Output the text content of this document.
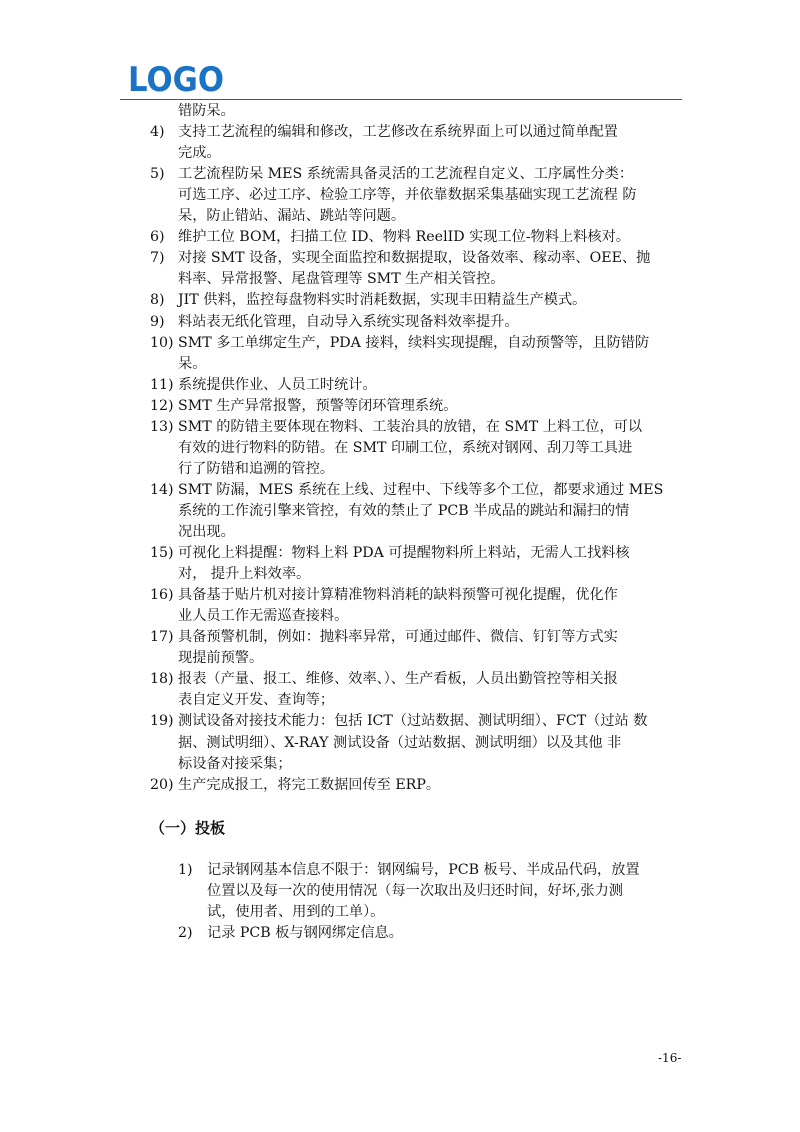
LOGO
错防呆。
4) 支持工艺流程的编辑和修改，工艺修改在系统界面上可以通过简单配置
完成。
5) 工艺流程防呆 MES 系统需具备灵活的工艺流程自定义、工序属性分类：
可选工序、必过工序、检验工序等，并依靠数据采集基础实现工艺流程 防
呆，防止错站、漏站、跳站等问题。
6) 维护工位 BOM，扫描工位 ID、物料 ReelID 实现工位-物料上料核对。
7) 对接 SMT 设备，实现全面监控和数据提取，设备效率、稼动率、OEE、抛
料率、异常报警、尾盘管理等 SMT 生产相关管控。
8) JIT 供料，监控每盘物料实时消耗数据，实现丰田精益生产模式。
9) 料站表无纸化管理，自动导入系统实现备料效率提升。
10) SMT 多工单绑定生产，PDA 接料，续料实现提醒，自动预警等，且防错防
呆。
11) 系统提供作业、人员工时统计。
12) SMT 生产异常报警，预警等闭环管理系统。
13) SMT 的防错主要体现在物料、工装治具的放错，在 SMT 上料工位，可以
有效的进行物料的防错。在 SMT 印刷工位，系统对钢网、刮刀等工具进
行了防错和追溯的管控。
14) SMT 防漏，MES 系统在上线、过程中、下线等多个工位，都要求通过 MES
系统的工作流引擎来管控，有效的禁止了 PCB 半成品的跳站和漏扫的情
况出现。
15) 可视化上料提醒：物料上料 PDA 可提醒物料所上料站，无需人工找料核
对， 提升上料效率。
16) 具备基于贴片机对接计算精准物料消耗的缺料预警可视化提醒，优化作
业人员工作无需巡查接料。
17) 具备预警机制，例如：抛料率异常，可通过邮件、微信、钉钉等方式实
现提前预警。
18) 报表（产量、报工、维修、效率、）、生产看板，人员出勤管控等相关报
表自定义开发、查询等；
19) 测试设备对接技术能力：包括 ICT（过站数据、测试明细）、FCT（过站 数
据、测试明细）、X-RAY 测试设备（过站数据、测试明细）以及其他 非
标设备对接采集；
20) 生产完成报工，将完工数据回传至 ERP。
（一）投板
1) 记录钢网基本信息不限于：钢网编号，PCB 板号、半成品代码，放置
位置以及每一次的使用情况（每一次取出及归还时间，好坏,张力测
试，使用者、用到的工单）。
2) 记录 PCB 板与钢网绑定信息。
-16-
